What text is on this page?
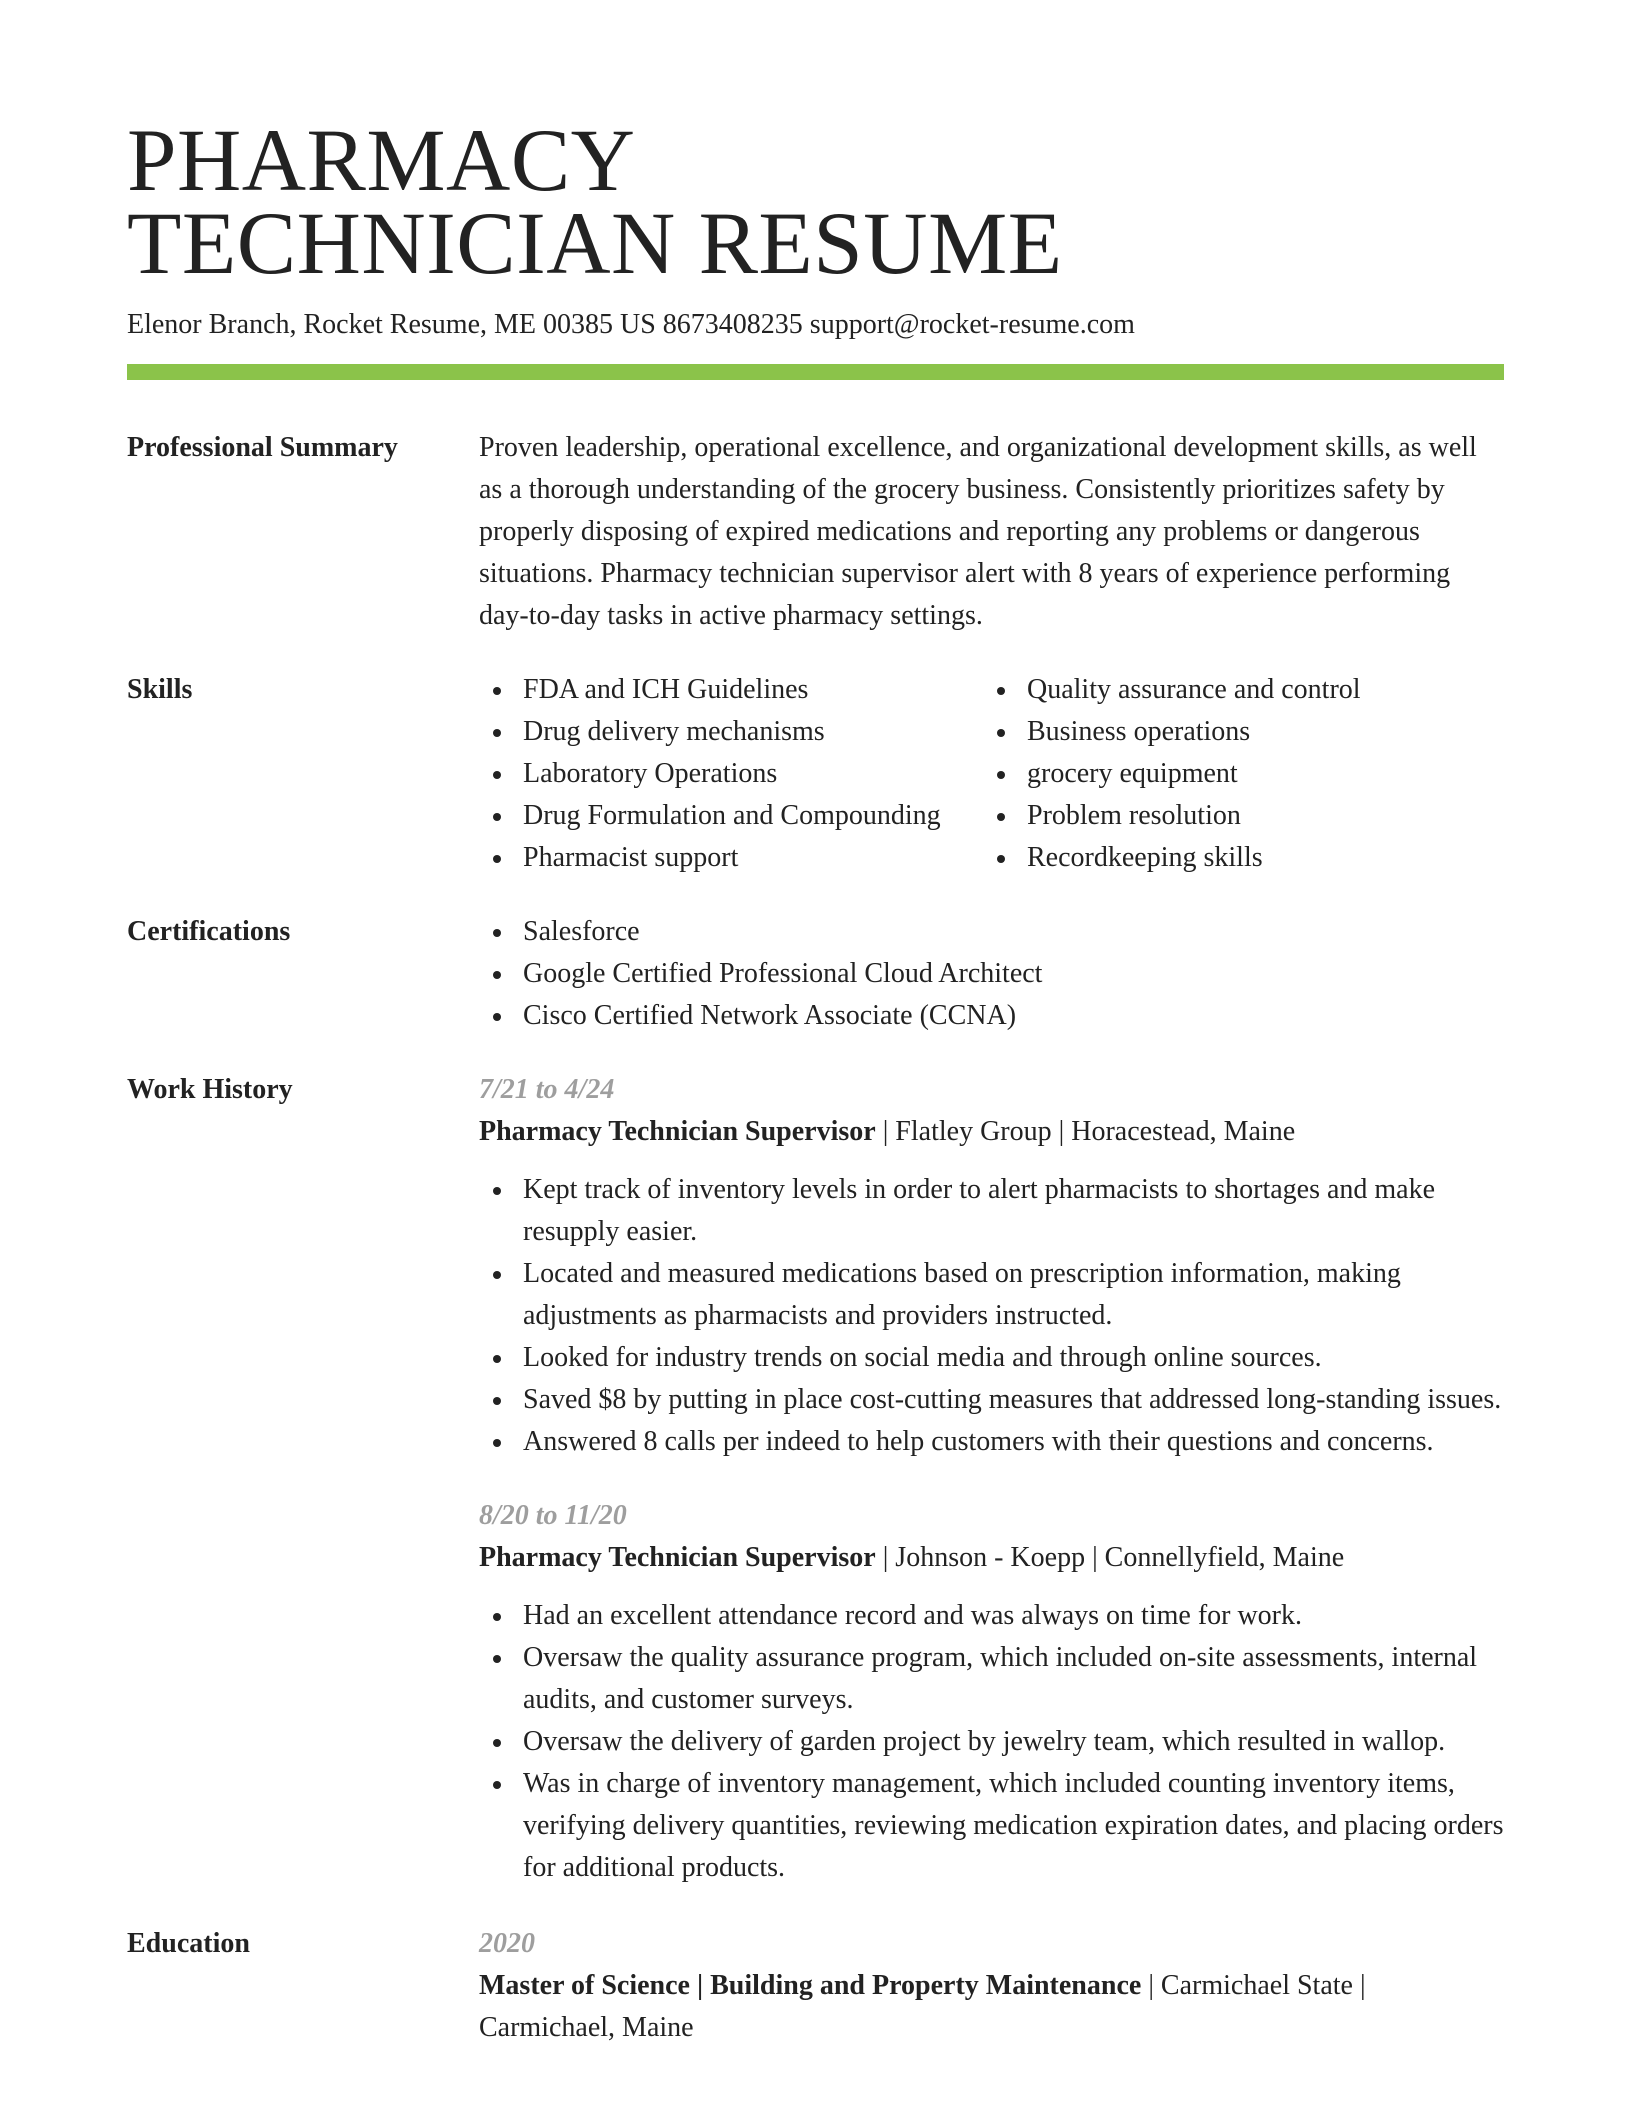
PHARMACY
TECHNICIAN RESUME
Elenor Branch, Rocket Resume, ME 00385 US 8673408235 support@rocket-resume.com
Professional Summary	Proven leadership, operational excellence, and organizational development skills, as well as a thorough understanding of the grocery business. Consistently prioritizes safety by properly disposing of expired medications and reporting any problems or dangerous situations. Pharmacy technician supervisor alert with 8 years of experience performing day-to-day tasks in active pharmacy settings.
Skills	FDA and ICH Guidelines
Drug delivery mechanisms
Laboratory Operations
Drug Formulation and Compounding
Pharmacist support
Quality assurance and control
Business operations
grocery equipment
Problem resolution
Recordkeeping skills
Certifications	Salesforce
Google Certified Professional Cloud Architect
Cisco Certified Network Associate (CCNA)
Work History	7/21 to 4/24
Pharmacy Technician Supervisor | Flatley Group | Horacestead, Maine
Kept track of inventory levels in order to alert pharmacists to shortages and make resupply easier.
Located and measured medications based on prescription information, making adjustments as pharmacists and providers instructed.
Looked for industry trends on social media and through online sources.
Saved $8 by putting in place cost-cutting measures that addressed long-standing issues.
Answered 8 calls per indeed to help customers with their questions and concerns.
8/20 to 11/20
Pharmacy Technician Supervisor | Johnson - Koepp | Connellyfield, Maine
Had an excellent attendance record and was always on time for work.
Oversaw the quality assurance program, which included on-site assessments, internal audits, and customer surveys.
Oversaw the delivery of garden project by jewelry team, which resulted in wallop.
Was in charge of inventory management, which included counting inventory items, verifying delivery quantities, reviewing medication expiration dates, and placing orders for additional products.
Education	2020
Master of Science | Building and Property Maintenance | Carmichael State | Carmichael, Maine
